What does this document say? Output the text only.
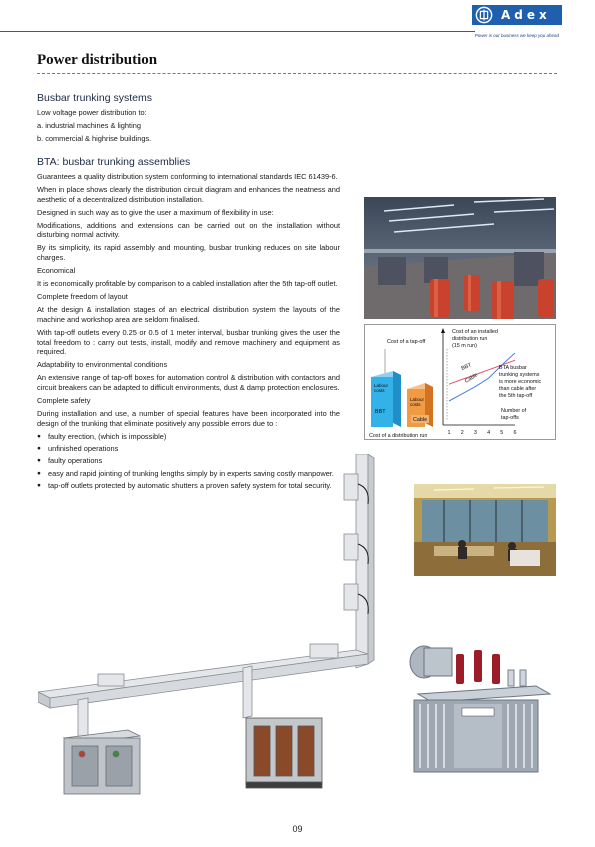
Adex
Power is our business we keep you ahead
Power distribution
Busbar trunking systems

Low voltage power distribution to:

a. industrial machines & lighting

b. commercial & highrise buildings.

BTA: busbar trunking assemblies

Guarantees a quality distribution system conforming to international standards IEC 61439-6.

When in place shows clearly the distribution circuit diagram and enhances the neatness and aesthetic of a decentralized distribution installation.

Designed in such way as to give the user a maximum of flexibility in use:

Modifications, additions and extensions can be carried out on the installation without disturbing normal activity.

By its simplicity, its rapid assembly and mounting, busbar trunking reduces on site labour charges.

Economical

It is economically profitable by comparison to a cabled installation after the 5th tap-off outlet.

Complete freedom of layout

At the design & installation stages of an electrical distribution system the layouts of the machine and workshop area are seldom finalised.

With tap-off outlets every 0.25 or 0.5 of 1 meter interval, busbar trunking gives the user the total freedom to : carry out tests, install, modify and remove machinery and equipment as required.

Adaptability to environmental conditions

An extensive range of tap-off boxes for automation control & distribution with contactors and circuit breakers can be adapted to difficult environments, dust & damp protection enclosures.

Complete safety

During installation and use, a number of special features have been incorporated into the design of the trunking that eliminate positively any possible errors due to :

● faulty erection, (which is impossible)
● unfinished operations
● faulty operations
● easy and rapid jointing of trunking lengths simply by in experts saving costly manpower.
● tap-off outlets protected by automatic shutters a proven safety system for total security.
1 2 3 4 5 6
Cost of a tap-off
Cost of an installed
distribution run
(15 m run)
BBT
Cable
BTA busbar
trunking systems
is more economic
than cable after
the 5th tap-off
Number of
tap-offs
Labour
costs
BBT
Labour
costs
Cable
Cost of a distribution run
09
